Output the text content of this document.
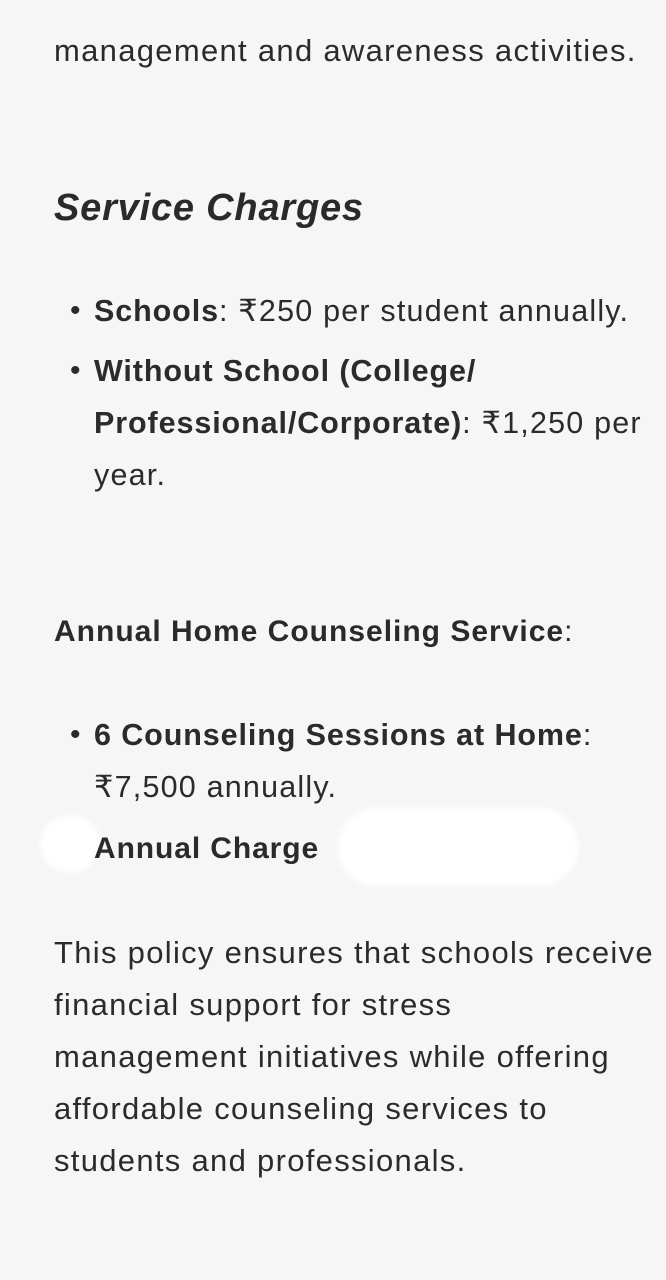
management and awareness activities.

Service Charges
• Schools: ₹250 per student annually.
• Without School (College/ Professional/Corporate): ₹1,250 per year.
Annual Home Counseling Service:
• 6 Counseling Sessions at Home: ₹7,500 annually.

Annual Charge

This policy ensures that schools receive financial support for stress management initiatives while offering affordable counseling services to students and professionals.
